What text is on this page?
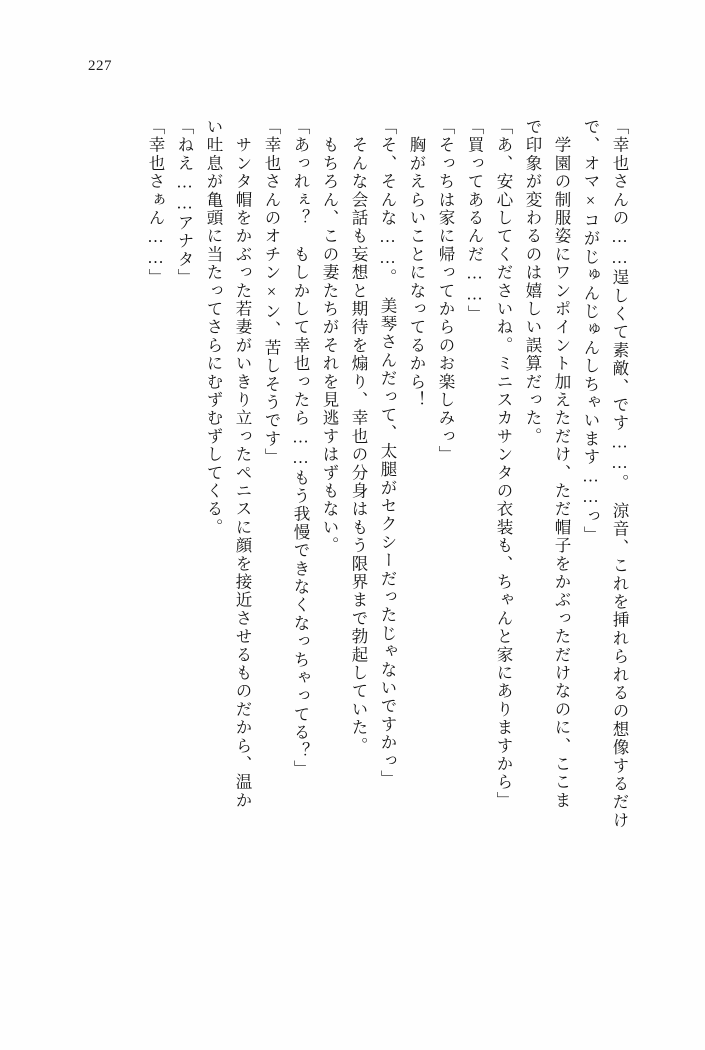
227
「幸也さんの……逞しくて素敵、です……。　涼音、これを挿れられるの想像するだけ
で、オマ×コがじゅんじゅんしちゃいます……っ」
　学園の制服姿にワンポイント加えただけ、ただ帽子をかぶっただけなのに、ここま
で印象が変わるのは嬉しい誤算だった。
「あ、安心してくださいね。ミニスカサンタの衣装も、ちゃんと家にありますから」
「買ってあるんだ……」
「そっちは家に帰ってからのお楽しみっ」
　胸がえらいことになってるから！
「そ、そんな……。　美琴さんだって、太腿がセクシーだったじゃないですかっ」
　そんな会話も妄想と期待を煽り、幸也の分身はもう限界まで勃起していた。
　もちろん、この妻たちがそれを見逃すはずもない。
「あっれぇ？　もしかして幸也ったら……もう我慢できなくなっちゃってる？」
「幸也さんのオチン×ン、苦しそうです」
　サンタ帽をかぶった若妻がいきり立ったペニスに顔を接近させるものだから、温か
い吐息が亀頭に当たってさらにむずむずしてくる。
「ねえ……アナタ」
「幸也さぁん……」
